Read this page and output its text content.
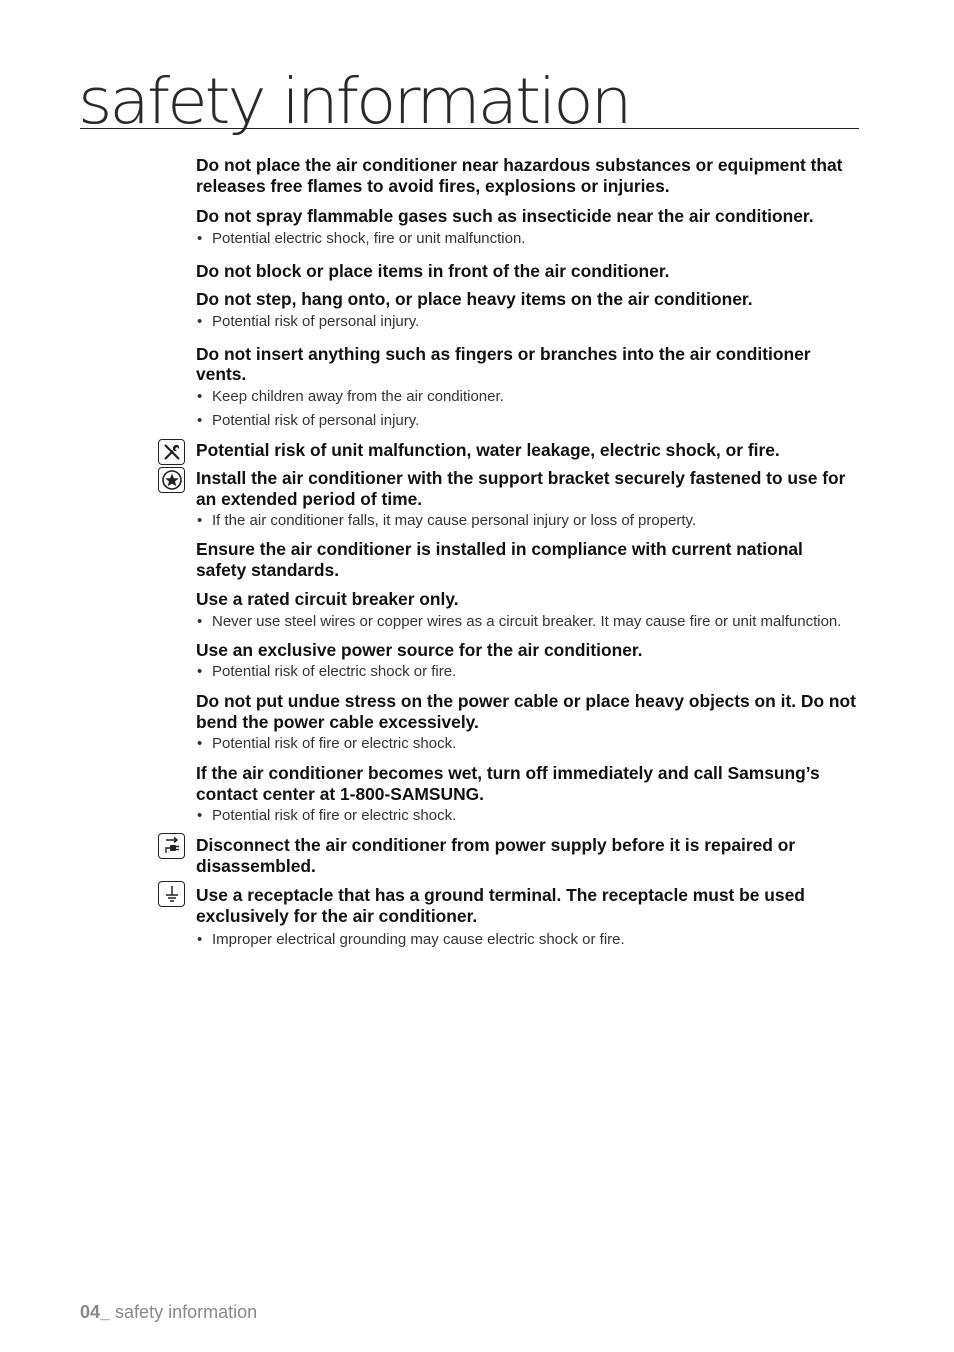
safety information

Do not place the air conditioner near hazardous substances or equipment that releases free flames to avoid fires, explosions or injuries.

Do not spray flammable gases such as insecticide near the air conditioner.

• Potential electric shock, fire or unit malfunction.

Do not block or place items in front of the air conditioner.

Do not step, hang onto, or place heavy items on the air conditioner.

• Potential risk of personal injury.

Do not insert anything such as fingers or branches into the air conditioner vents.

• Keep children away from the air conditioner.
• Potential risk of personal injury.

Potential risk of unit malfunction, water leakage, electric shock, or fire.

Install the air conditioner with the support bracket securely fastened to use for an extended period of time.

• If the air conditioner falls, it may cause personal injury or loss of property.

Ensure the air conditioner is installed in compliance with current national safety standards.

Use a rated circuit breaker only.

• Never use steel wires or copper wires as a circuit breaker. It may cause fire or unit malfunction.

Use an exclusive power source for the air conditioner.

• Potential risk of electric shock or fire.

Do not put undue stress on the power cable or place heavy objects on it. Do not bend the power cable excessively.

• Potential risk of fire or electric shock.

If the air conditioner becomes wet, turn off immediately and call Samsung’s contact center at 1-800-SAMSUNG.

• Potential risk of fire or electric shock.

Disconnect the air conditioner from power supply before it is repaired or disassembled.

Use a receptacle that has a ground terminal. The receptacle must be used exclusively for the air conditioner.

• Improper electrical grounding may cause electric shock or fire.
04_ safety information
